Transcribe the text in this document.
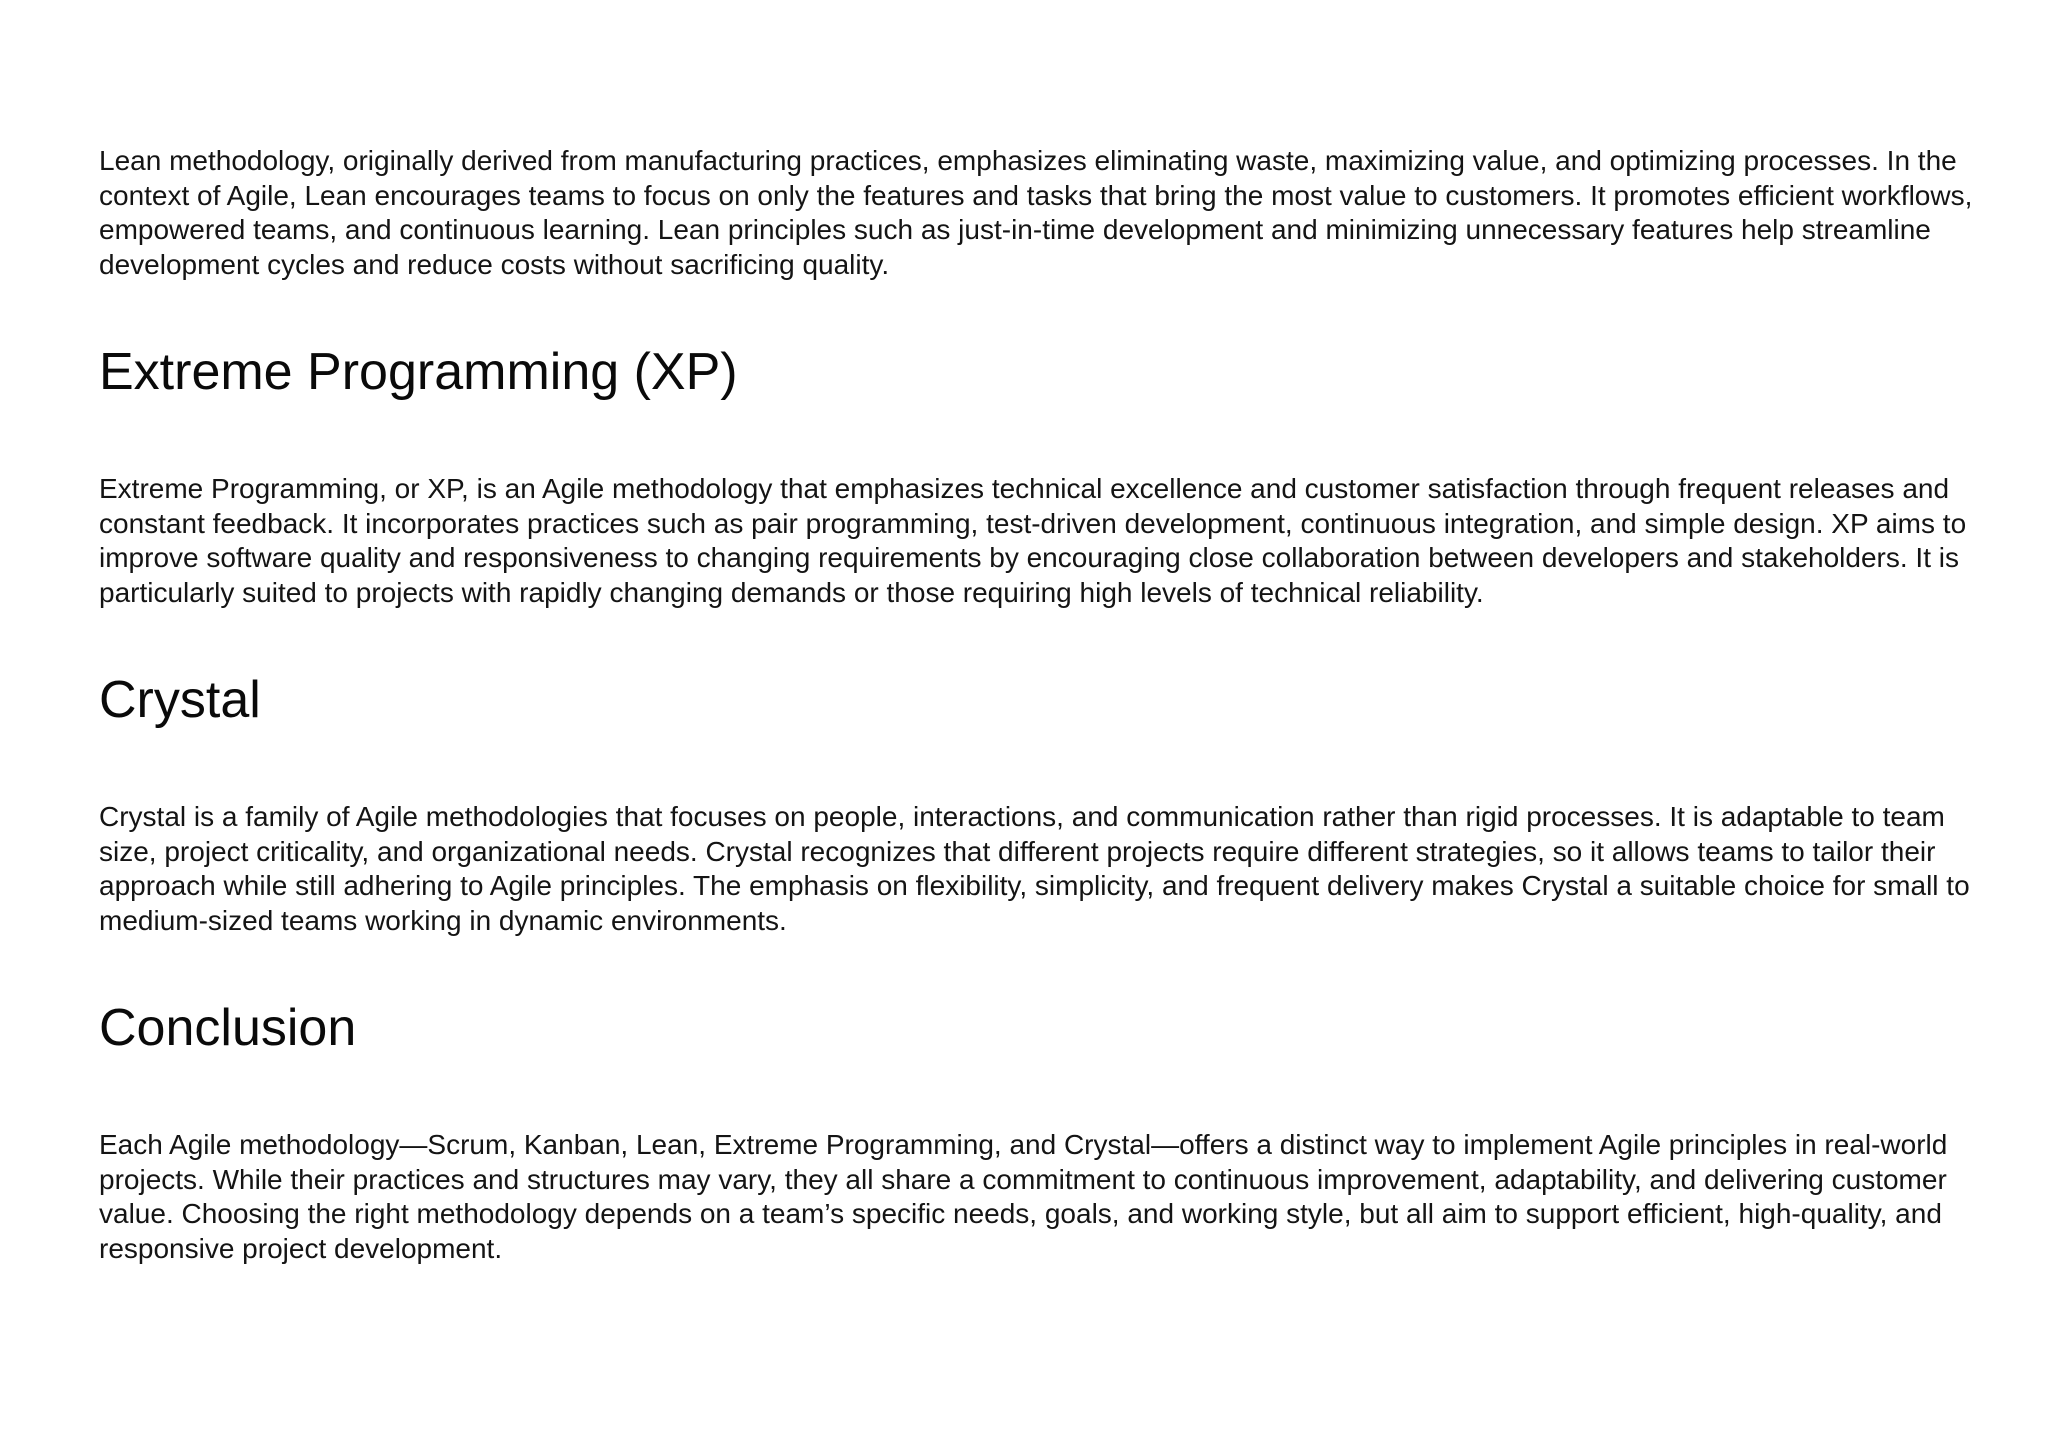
Lean methodology, originally derived from manufacturing practices, emphasizes eliminating waste, maximizing value, and optimizing processes. In the context of Agile, Lean encourages teams to focus on only the features and tasks that bring the most value to customers. It promotes efficient workflows, empowered teams, and continuous learning. Lean principles such as just-in-time development and minimizing unnecessary features help streamline development cycles and reduce costs without sacrificing quality.

Extreme Programming (XP)

Extreme Programming, or XP, is an Agile methodology that emphasizes technical excellence and customer satisfaction through frequent releases and constant feedback. It incorporates practices such as pair programming, test-driven development, continuous integration, and simple design. XP aims to improve software quality and responsiveness to changing requirements by encouraging close collaboration between developers and stakeholders. It is particularly suited to projects with rapidly changing demands or those requiring high levels of technical reliability.

Crystal

Crystal is a family of Agile methodologies that focuses on people, interactions, and communication rather than rigid processes. It is adaptable to team size, project criticality, and organizational needs. Crystal recognizes that different projects require different strategies, so it allows teams to tailor their approach while still adhering to Agile principles. The emphasis on flexibility, simplicity, and frequent delivery makes Crystal a suitable choice for small to medium-sized teams working in dynamic environments.

Conclusion

Each Agile methodology—Scrum, Kanban, Lean, Extreme Programming, and Crystal—offers a distinct way to implement Agile principles in real-world projects. While their practices and structures may vary, they all share a commitment to continuous improvement, adaptability, and delivering customer value. Choosing the right methodology depends on a team’s specific needs, goals, and working style, but all aim to support efficient, high-quality, and responsive project development.
